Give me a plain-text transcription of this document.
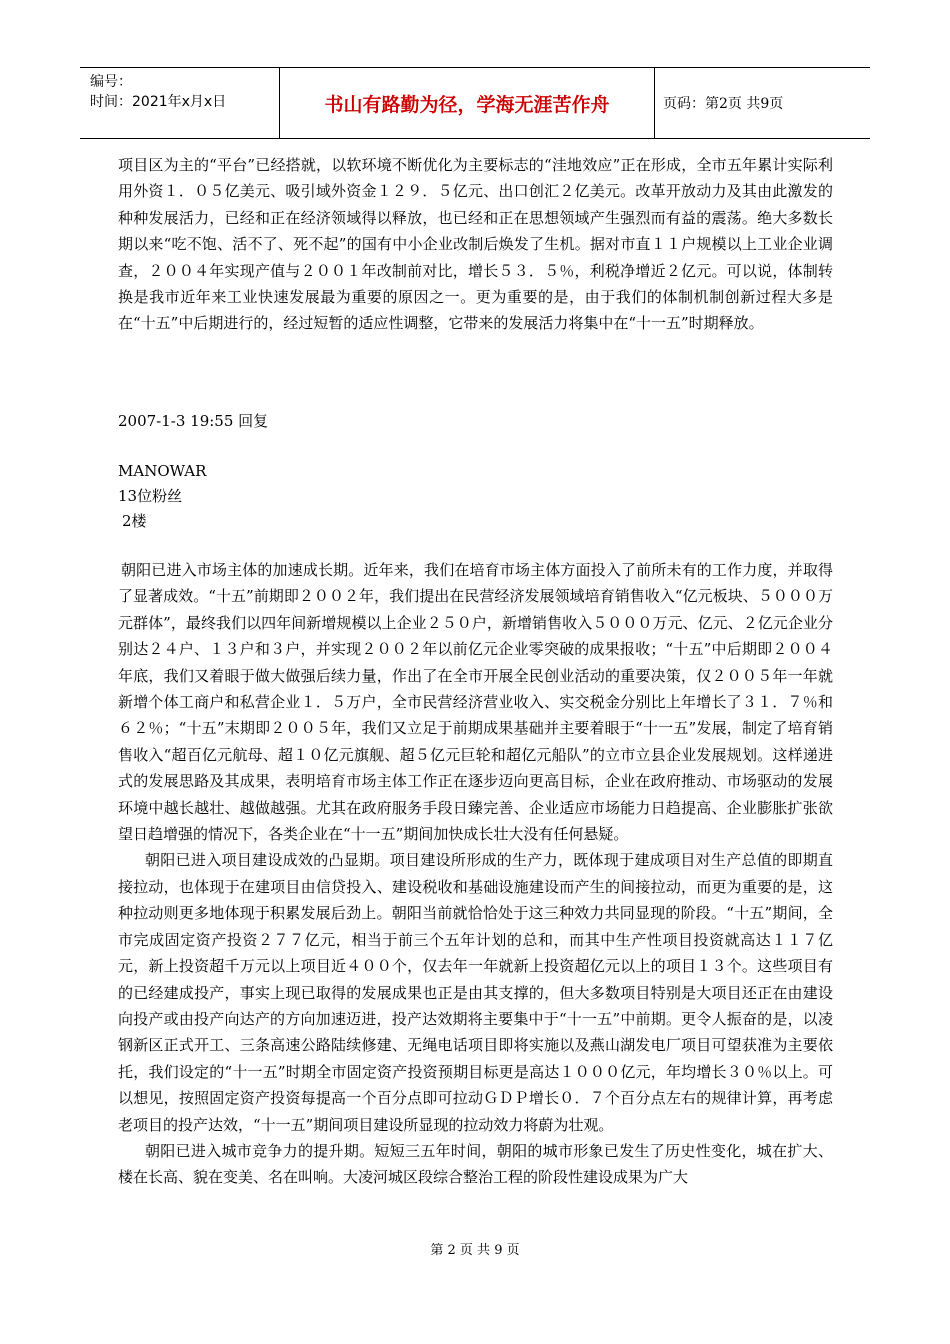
编号：
时间：2021年x月x日	书山有路勤为径，学海无涯苦作舟	页码：第2页 共9页

项目区为主的“平台”已经搭就，以软环境不断优化为主要标志的“洼地效应”正在形成，全市五年累计实际利用外资１．０５亿美元、吸引域外资金１２９．５亿元、出口创汇２亿美元。改革开放动力及其由此激发的种种发展活力，已经和正在经济领域得以释放，也已经和正在思想领域产生强烈而有益的震荡。绝大多数长期以来“吃不饱、活不了、死不起”的国有中小企业改制后焕发了生机。据对市直１１户规模以上工业企业调查，２００４年实现产值与２００１年改制前对比，增长５３．５％，利税净增近２亿元。可以说，体制转换是我市近年来工业快速发展最为重要的原因之一。更为重要的是，由于我们的体制机制创新过程大多是在“十五”中后期进行的，经过短暂的适应性调整，它带来的发展活力将集中在“十一五”时期释放。

2007-1-3 19:55 回复
MANOWAR
13位粉丝
2楼

朝阳已进入市场主体的加速成长期。近年来，我们在培育市场主体方面投入了前所未有的工作力度，并取得了显著成效。“十五”前期即２００２年，我们提出在民营经济发展领域培育销售收入“亿元板块、５０００万元群体”，最终我们以四年间新增规模以上企业２５０户，新增销售收入５０００万元、亿元、２亿元企业分别达２４户、１３户和３户，并实现２００２年以前亿元企业零突破的成果报收；“十五”中后期即２００４年底，我们又着眼于做大做强后续力量，作出了在全市开展全民创业活动的重要决策，仅２００５年一年就新增个体工商户和私营企业１．５万户，全市民营经济营业收入、实交税金分别比上年增长了３１．７％和６２％；“十五”末期即２００５年，我们又立足于前期成果基础并主要着眼于“十一五”发展，制定了培育销售收入“超百亿元航母、超１０亿元旗舰、超５亿元巨轮和超亿元船队”的立市立县企业发展规划。这样递进式的发展思路及其成果，表明培育市场主体工作正在逐步迈向更高目标，企业在政府推动、市场驱动的发展环境中越长越壮、越做越强。尤其在政府服务手段日臻完善、企业适应市场能力日趋提高、企业膨胀扩张欲望日趋增强的情况下，各类企业在“十一五”期间加快成长壮大没有任何悬疑。

朝阳已进入项目建设成效的凸显期。项目建设所形成的生产力，既体现于建成项目对生产总值的即期直接拉动，也体现于在建项目由信贷投入、建设税收和基础设施建设而产生的间接拉动，而更为重要的是，这种拉动则更多地体现于积累发展后劲上。朝阳当前就恰恰处于这三种效力共同显现的阶段。“十五”期间，全市完成固定资产投资２７７亿元，相当于前三个五年计划的总和，而其中生产性项目投资就高达１１７亿元，新上投资超千万元以上项目近４００个，仅去年一年就新上投资超亿元以上的项目１３个。这些项目有的已经建成投产，事实上现已取得的发展成果也正是由其支撑的，但大多数项目特别是大项目还正在由建设向投产或由投产向达产的方向加速迈进，投产达效期将主要集中于“十一五”中前期。更令人振奋的是，以凌钢新区正式开工、三条高速公路陆续修建、无绳电话项目即将实施以及燕山湖发电厂项目可望获准为主要依托，我们设定的“十一五”时期全市固定资产投资预期目标更是高达１０００亿元，年均增长３０％以上。可以想见，按照固定资产投资每提高一个百分点即可拉动ＧＤＰ增长０．７个百分点左右的规律计算，再考虑老项目的投产达效，“十一五”期间项目建设所显现的拉动效力将蔚为壮观。

朝阳已进入城市竞争力的提升期。短短三五年时间，朝阳的城市形象已发生了历史性变化，城在扩大、楼在长高、貌在变美、名在叫响。大凌河城区段综合整治工程的阶段性建设成果为广大

第 2 页 共 9 页
